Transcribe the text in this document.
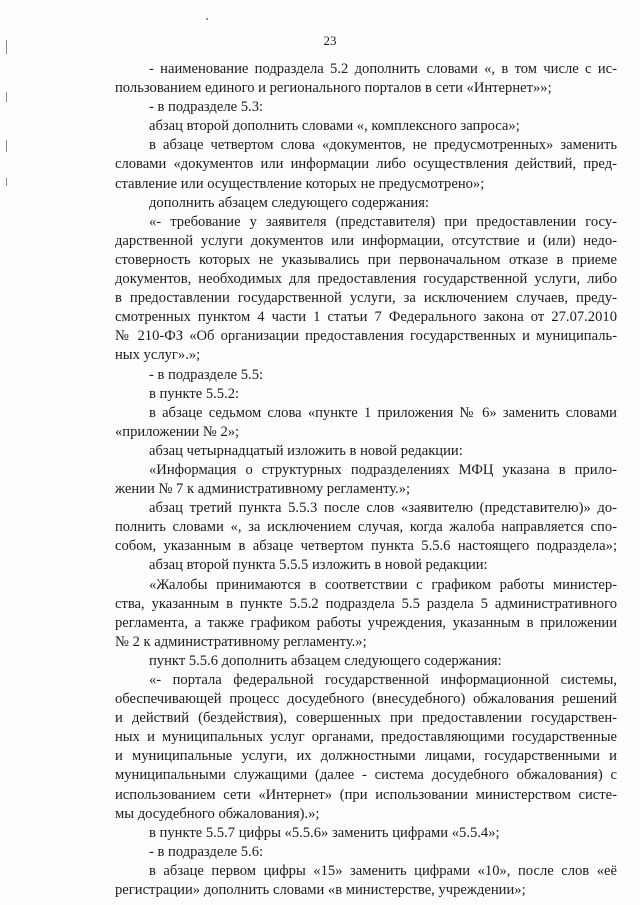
23
- наименование подраздела 5.2 дополнить словами «, в том числе с ис-
пользованием единого и регионального порталов в сети «Интернет»»;
- в подразделе 5.3:
абзац второй дополнить словами «, комплексного запроса»;
в абзаце четвертом слова «документов, не предусмотренных» заменить
словами «документов или информации либо осуществления действий, пред-
ставление или осуществление которых не предусмотрено»;
дополнить абзацем следующего содержания:
«- требование у заявителя (представителя) при предоставлении госу-
дарственной услуги документов или информации, отсутствие и (или) недо-
стоверность которых не указывались при первоначальном отказе в приеме
документов, необходимых для предоставления государственной услуги, либо
в предоставлении государственной услуги, за исключением случаев, преду-
смотренных пунктом 4 части 1 статьи 7 Федерального закона от 27.07.2010
№ 210-ФЗ «Об организации предоставления государственных и муниципаль-
ных услуг».»;
- в подразделе 5.5:
в пункте 5.5.2:
в абзаце седьмом слова «пункте 1 приложения № 6» заменить словами
«приложении № 2»;
абзац четырнадцатый изложить в новой редакции:
«Информация о структурных подразделениях МФЦ указана в прило-
жении № 7 к административному регламенту.»;
абзац третий пункта 5.5.3 после слов «заявителю (представителю)» до-
полнить словами «, за исключением случая, когда жалоба направляется спо-
собом, указанным в абзаце четвертом пункта 5.5.6 настоящего подраздела»;
абзац второй пункта 5.5.5 изложить в новой редакции:
«Жалобы принимаются в соответствии с графиком работы министер-
ства, указанным в пункте 5.5.2 подраздела 5.5 раздела 5 административного
регламента, а также графиком работы учреждения, указанным в приложении
№ 2 к административному регламенту.»;
пункт 5.5.6 дополнить абзацем следующего содержания:
«- портала федеральной государственной информационной системы,
обеспечивающей процесс досудебного (внесудебного) обжалования решений
и действий (бездействия), совершенных при предоставлении государствен-
ных и муниципальных услуг органами, предоставляющими государственные
и муниципальные услуги, их должностными лицами, государственными и
муниципальными служащими (далее - система досудебного обжалования) с
использованием сети «Интернет» (при использовании министерством систе-
мы досудебного обжалования).»;
в пункте 5.5.7 цифры «5.5.6» заменить цифрами «5.5.4»;
- в подразделе 5.6:
в абзаце первом цифры «15» заменить цифрами «10», после слов «её
регистрации» дополнить словами «в министерстве, учреждении»;
